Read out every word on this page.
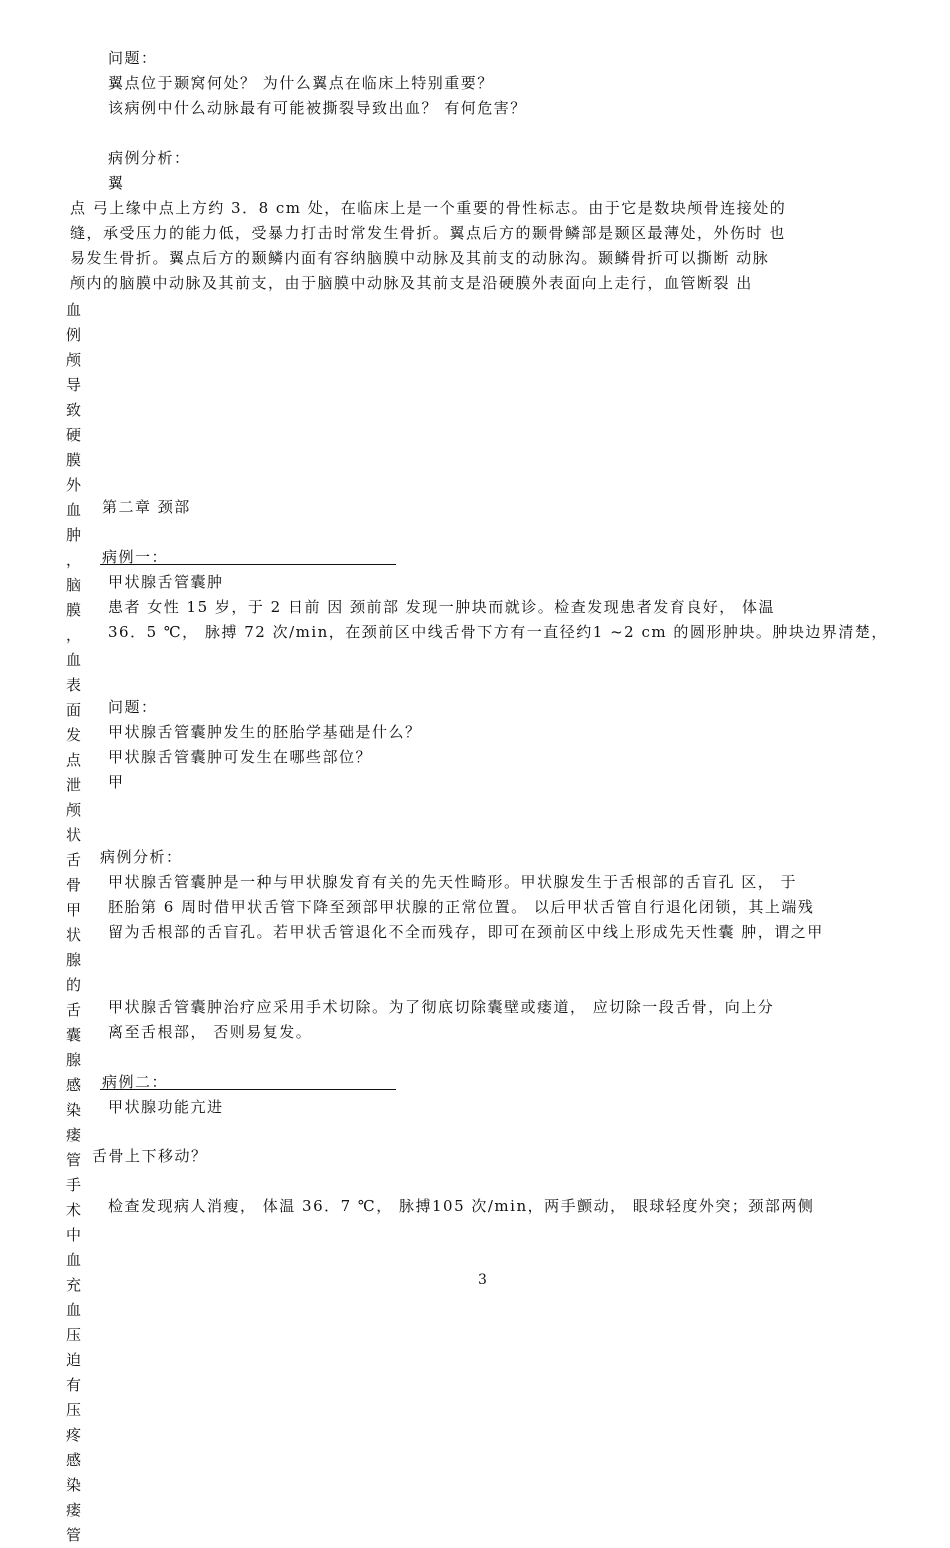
问题：
翼点位于颞窝何处？ 为什么翼点在临床上特别重要？
该病例中什么动脉最有可能被撕裂导致出血？ 有何危害？
病例分析：
翼
点 弓上缘中点上方约 3．8 cm 处，在临床上是一个重要的骨性标志。由于它是数块颅骨连接处的
缝，承受压力的能力低，受暴力打击时常发生骨折。翼点后方的颞骨鳞部是颞区最薄处，外伤时 也
易发生骨折。翼点后方的颞鳞内面有容纳脑膜中动脉及其前支的动脉沟。颞鳞骨折可以撕断 动脉
颅内的脑膜中动脉及其前支，由于脑膜中动脉及其前支是沿硬膜外表面向上走行，血管断裂 出
血
例
颅
导
致
硬
膜
外
血
肿
，
脑
膜
，
血
表
面
发
点
泄
颅
状
舌
骨
甲
状
腺
的
舌
囊
腺
感
染
瘘
管
手
术
中
血
充
血
压
迫
有
压
疼
感
染
瘘
管
第二章 颈部
病例一：
甲状腺舌管囊肿
患者 女性 15 岁，于 2 日前 因 颈前部 发现一肿块而就诊。检查发现患者发育良好， 体温
36．5 ℃， 脉搏 72 次/min，在颈前区中线舌骨下方有一直径约1 ~2 cm 的圆形肿块。肿块边界清楚，
问题：
甲状腺舌管囊肿发生的胚胎学基础是什么？
甲状腺舌管囊肿可发生在哪些部位？
甲
病例分析：
甲状腺舌管囊肿是一种与甲状腺发育有关的先天性畸形。甲状腺发生于舌根部的舌盲孔 区， 于
胚胎第 6 周时借甲状舌管下降至颈部甲状腺的正常位置。 以后甲状舌管自行退化闭锁，其上端残
留为舌根部的舌盲孔。若甲状舌管退化不全而残存，即可在颈前区中线上形成先天性囊 肿，谓之甲
甲状腺舌管囊肿治疗应采用手术切除。为了彻底切除囊壁或瘘道， 应切除一段舌骨，向上分
离至舌根部， 否则易复发。
病例二：
甲状腺功能亢进
舌骨上下移动？
检查发现病人消瘦， 体温 36．7 ℃， 脉搏105 次/min，两手颤动， 眼球轻度外突；颈部两侧
3
